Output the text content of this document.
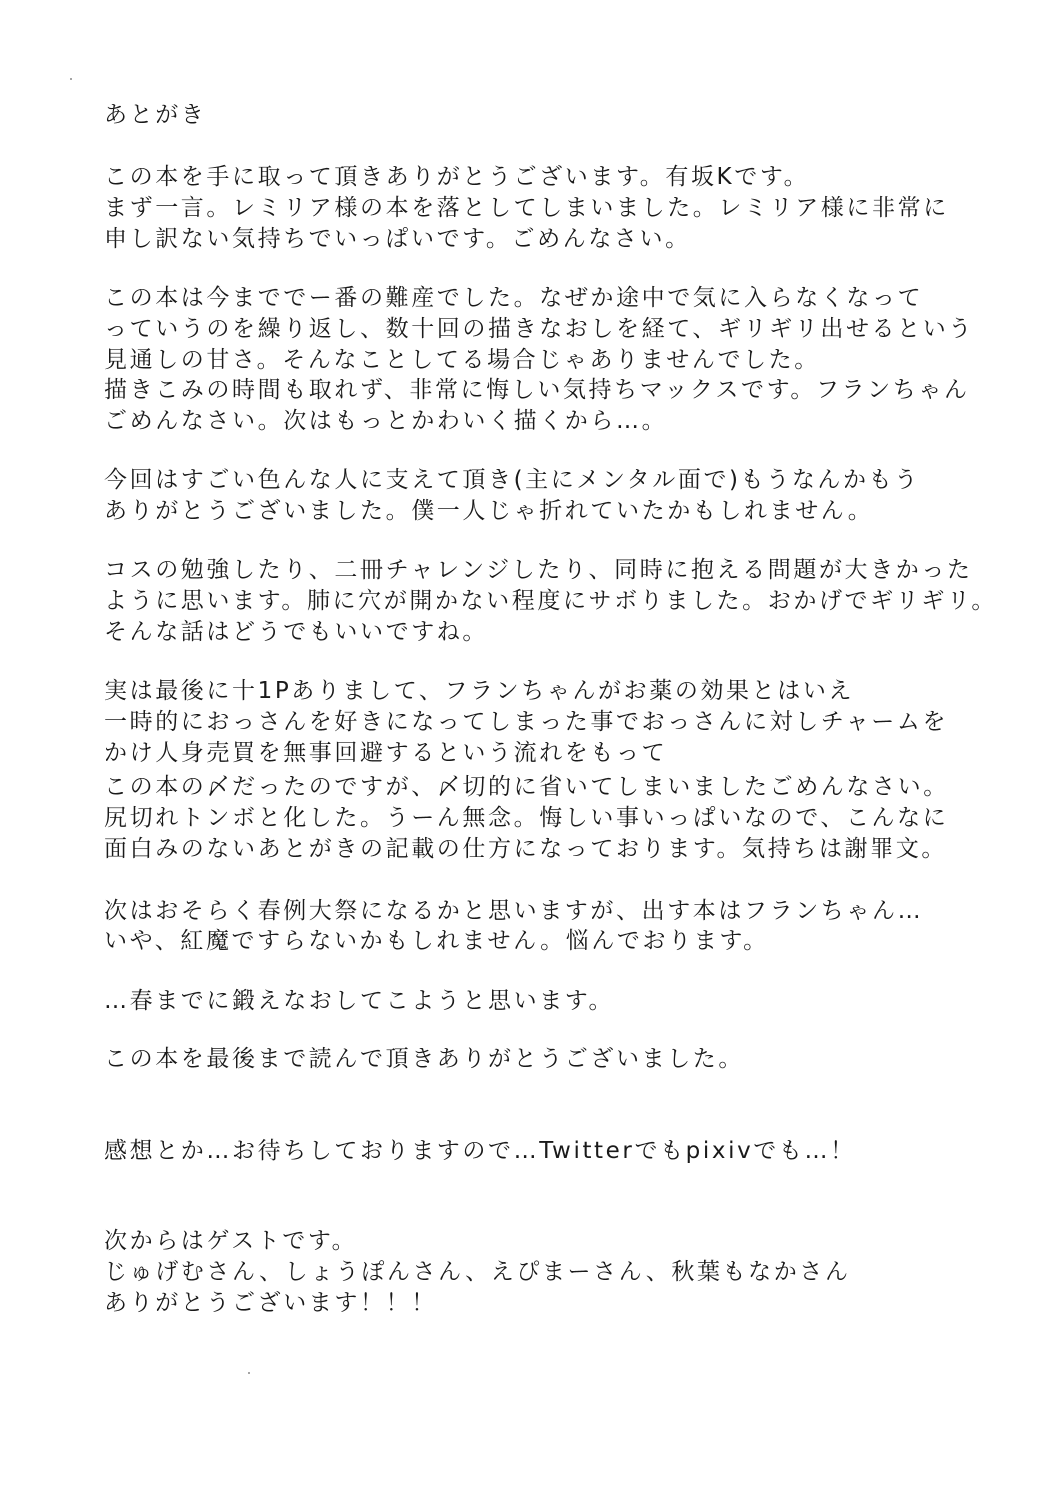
あとがき
この本を手に取って頂きありがとうございます。有坂Kです。
まず一言。レミリア様の本を落としてしまいました。レミリア様に非常に
申し訳ない気持ちでいっぱいです。ごめんなさい。
この本は今まででー番の難産でした。なぜか途中で気に入らなくなって
っていうのを繰り返し、数十回の描きなおしを経て、ギリギリ出せるという
見通しの甘さ。そんなことしてる場合じゃありませんでした。
描きこみの時間も取れず、非常に悔しい気持ちマックスです。フランちゃん
ごめんなさい。次はもっとかわいく描くから…。
今回はすごい色んな人に支えて頂き(主にメンタル面で)もうなんかもう
ありがとうございました。僕一人じゃ折れていたかもしれません。
コスの勉強したり、二冊チャレンジしたり、同時に抱える問題が大きかった
ように思います。肺に穴が開かない程度にサボりました。おかげでギリギリ。
そんな話はどうでもいいですね。
実は最後に十1Pありまして、フランちゃんがお薬の効果とはいえ
一時的におっさんを好きになってしまった事でおっさんに対しチャームを
かけ人身売買を無事回避するという流れをもって
この本の〆だったのですが、〆切的に省いてしまいましたごめんなさい。
尻切れトンボと化した。うーん無念。悔しい事いっぱいなので、こんなに
面白みのないあとがきの記載の仕方になっております。気持ちは謝罪文。
次はおそらく春例大祭になるかと思いますが、出す本はフランちゃん…
いや、紅魔ですらないかもしれません。悩んでおります。
…春までに鍛えなおしてこようと思います。
この本を最後まで読んで頂きありがとうございました。
感想とか…お待ちしておりますので…Twitterでもpixivでも…！
次からはゲストです。
じゅげむさん、しょうぽんさん、えぴまーさん、秋葉もなかさん
ありがとうございます！！！
